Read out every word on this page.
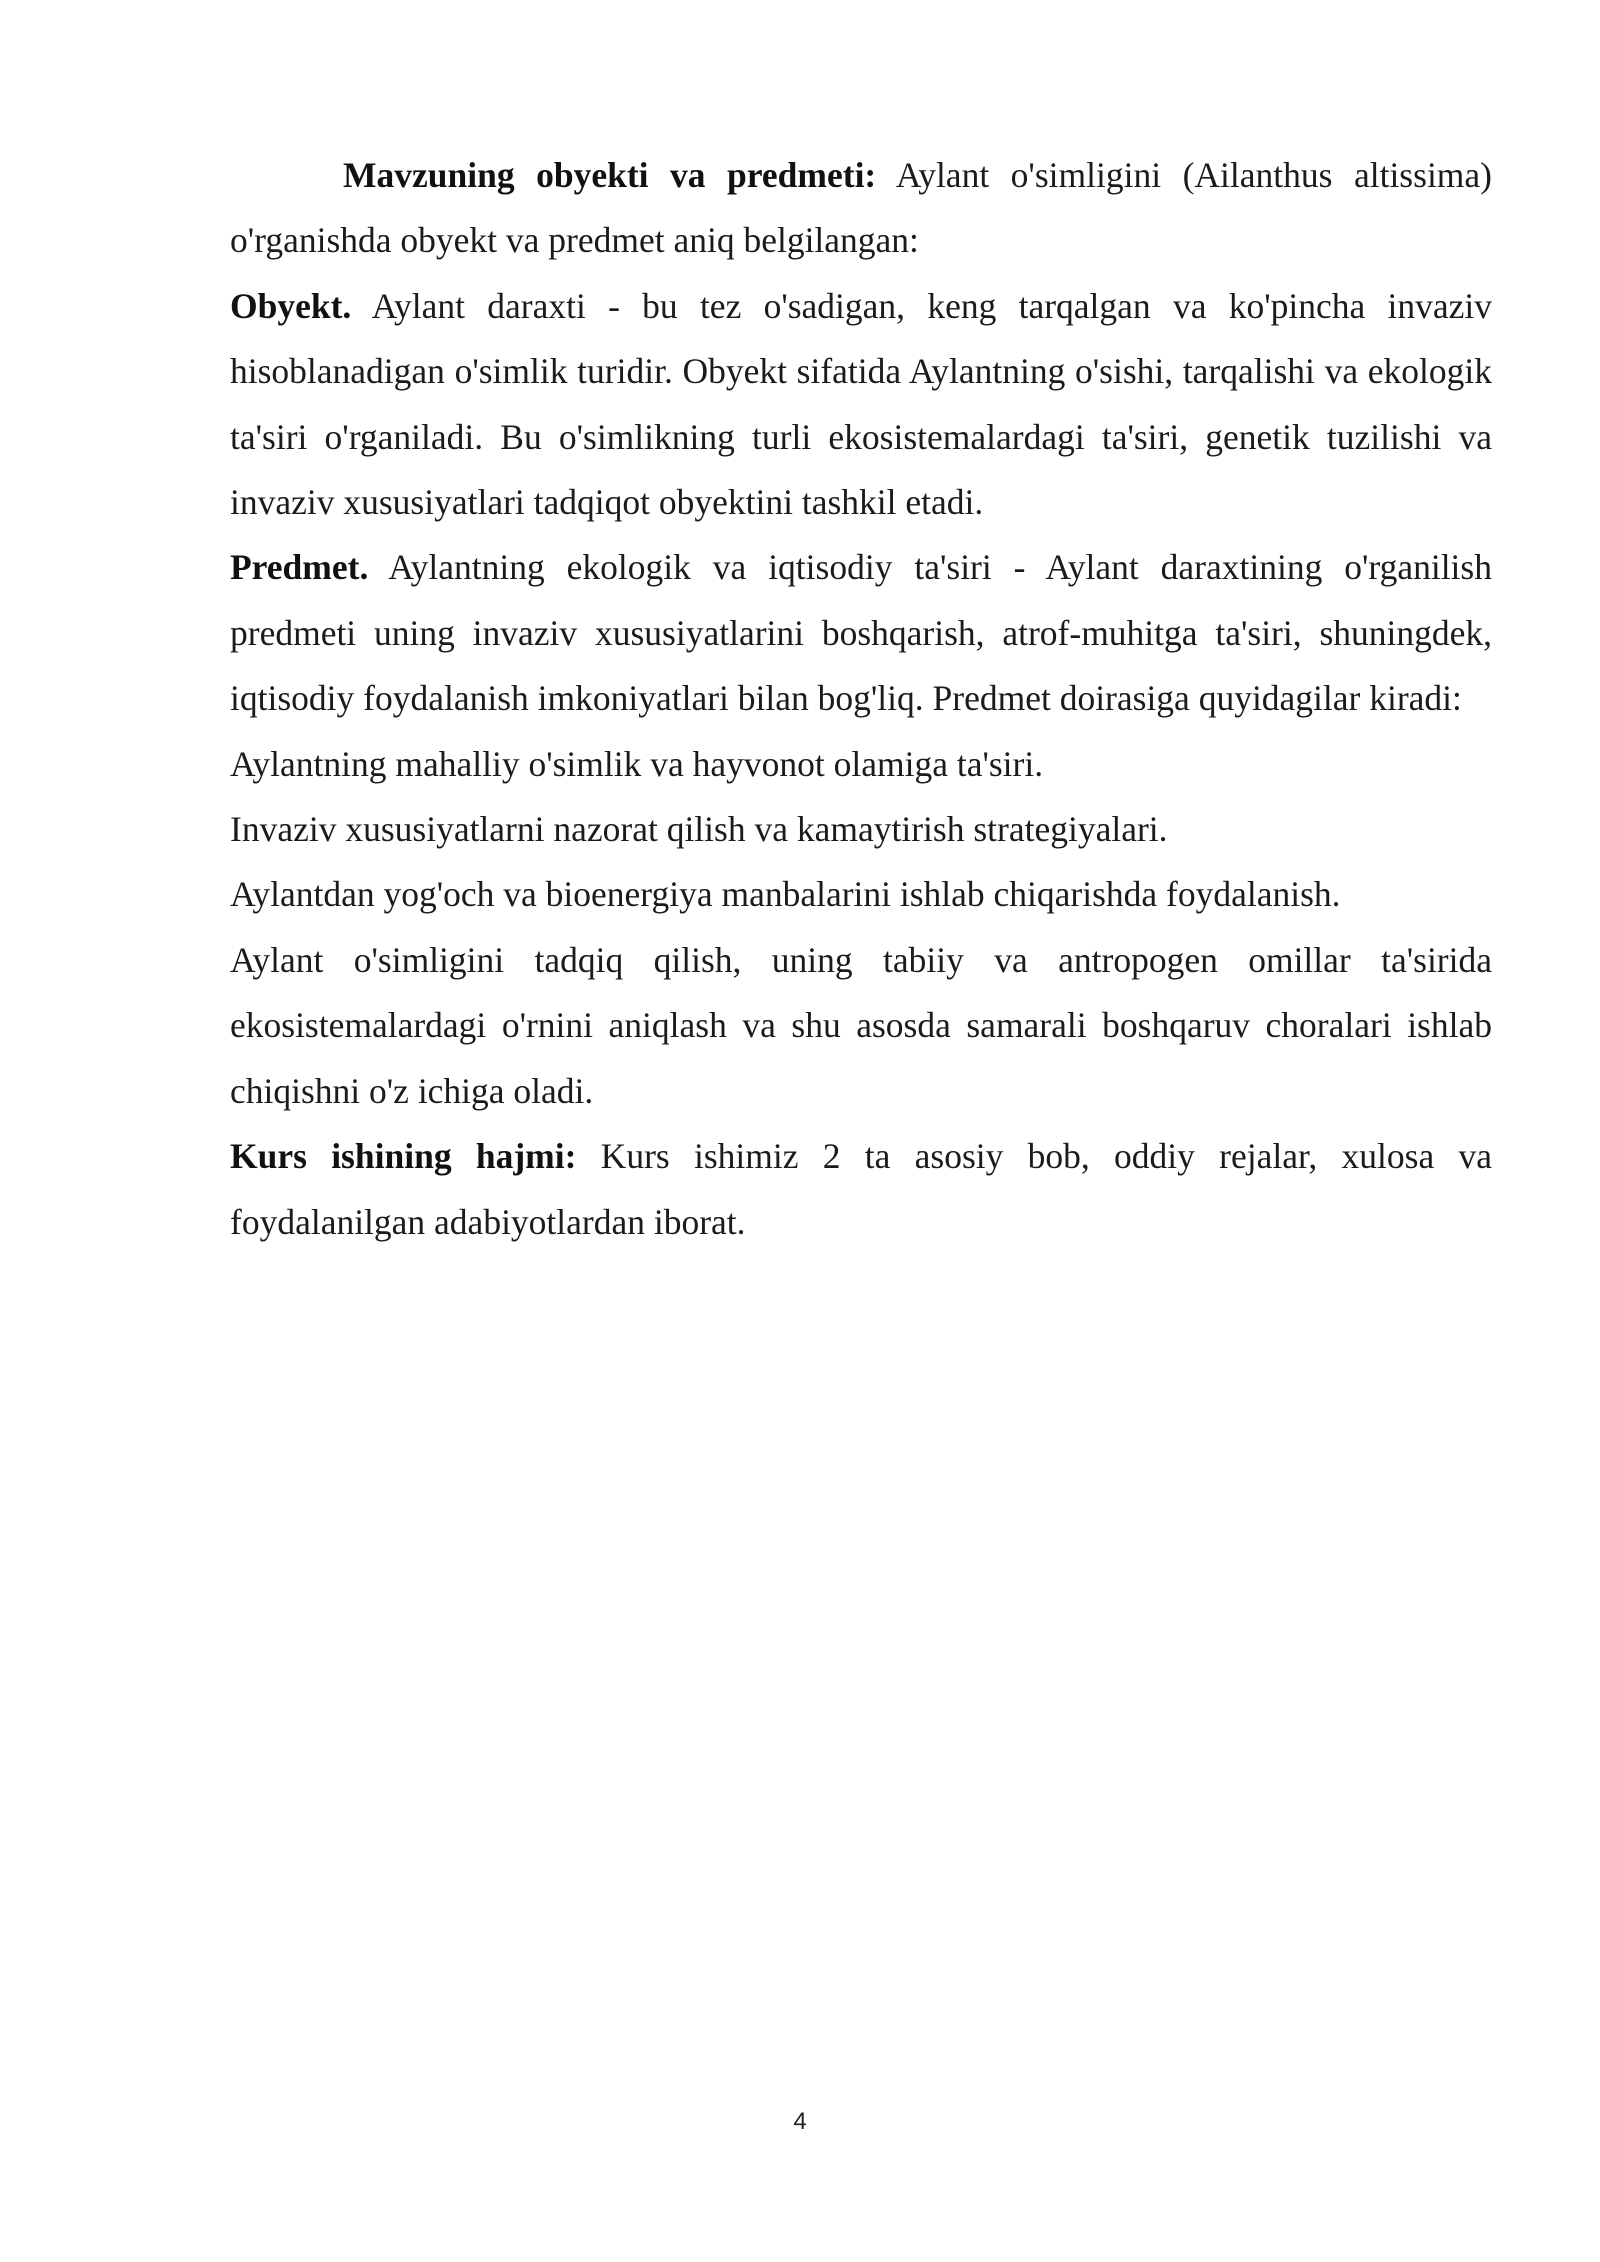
Mavzuning obyekti va predmeti: Aylant o'simligini (Ailanthus altissima) o'rganishda obyekt va predmet aniq belgilangan:

Obyekt. Aylant daraxti - bu tez o'sadigan, keng tarqalgan va ko'pincha invaziv hisoblanadigan o'simlik turidir. Obyekt sifatida Aylantning o'sishi, tarqalishi va ekologik ta'siri o'rganiladi. Bu o'simlikning turli ekosistemalardagi ta'siri, genetik tuzilishi va invaziv xususiyatlari tadqiqot obyektini tashkil etadi.

Predmet. Aylantning ekologik va iqtisodiy ta'siri - Aylant daraxtining o'rganilish predmeti uning invaziv xususiyatlarini boshqarish, atrof-muhitga ta'siri, shuningdek, iqtisodiy foydalanish imkoniyatlari bilan bog'liq. Predmet doirasiga quyidagilar kiradi:

Aylantning mahalliy o'simlik va hayvonot olamiga ta'siri.

Invaziv xususiyatlarni nazorat qilish va kamaytirish strategiyalari.

Aylantdan yog'och va bioenergiya manbalarini ishlab chiqarishda foydalanish.

Aylant o'simligini tadqiq qilish, uning tabiiy va antropogen omillar ta'sirida ekosistemalardagi o'rnini aniqlash va shu asosda samarali boshqaruv choralari ishlab chiqishni o'z ichiga oladi.

Kurs ishining hajmi: Kurs ishimiz 2 ta asosiy bob, oddiy rejalar, xulosa va foydalanilgan adabiyotlardan iborat.

4
